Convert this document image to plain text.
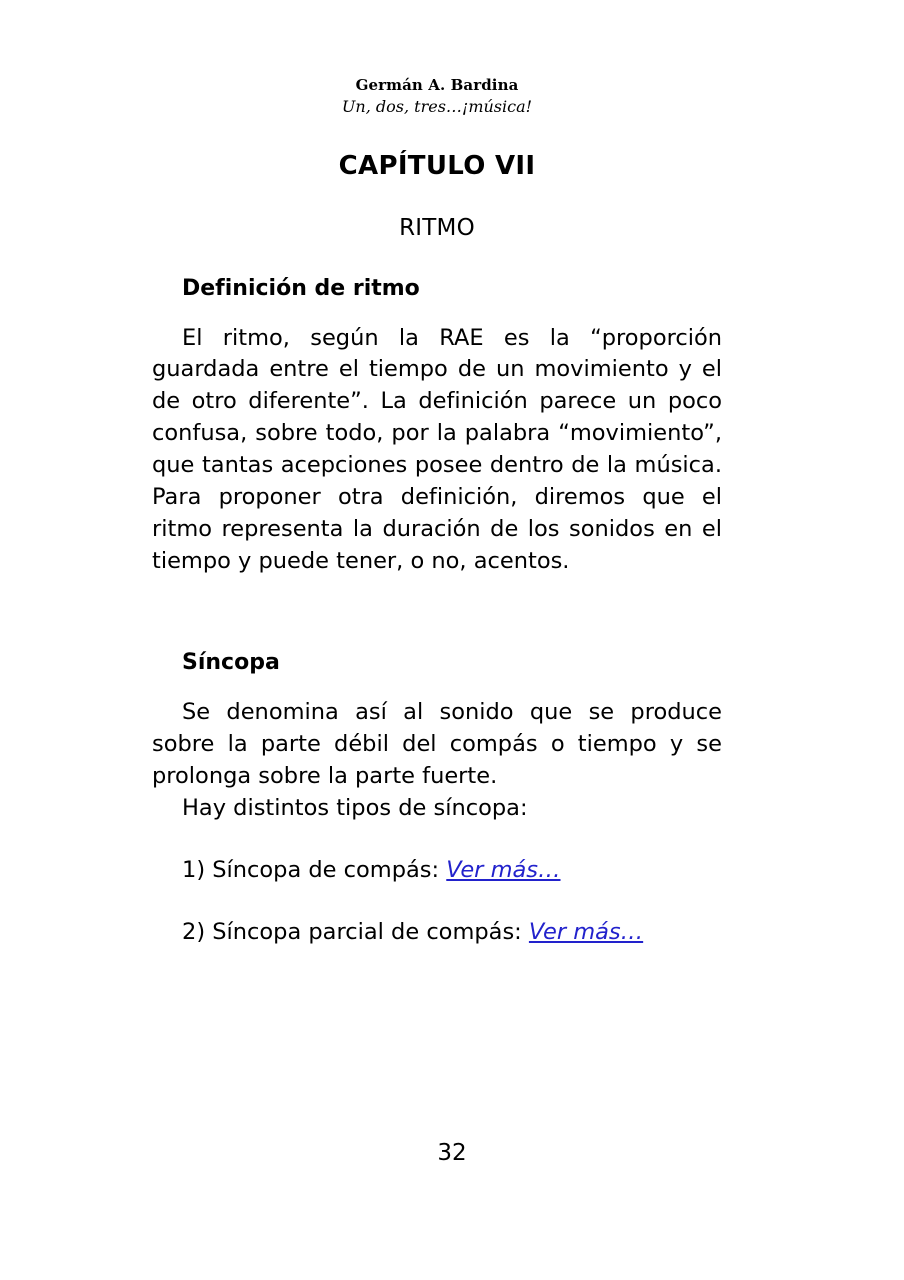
Germán A. Bardina
Un, dos, tres…¡música!
CAPÍTULO VII
RITMO
Definición de ritmo

El ritmo, según la RAE es la “proporción guardada entre el tiempo de un movimiento y el de otro diferente”. La definición parece un poco confusa, sobre todo, por la palabra “movimiento”, que tantas acepciones posee dentro de la música. Para proponer otra definición, diremos que el ritmo representa la duración de los sonidos en el tiempo y puede tener, o no, acentos.

Síncopa

Se denomina así al sonido que se produce sobre la parte débil del compás o tiempo y se prolonga sobre la parte fuerte.

Hay distintos tipos de síncopa:

1) Síncopa de compás: Ver más…

2) Síncopa parcial de compás: Ver más…

32
